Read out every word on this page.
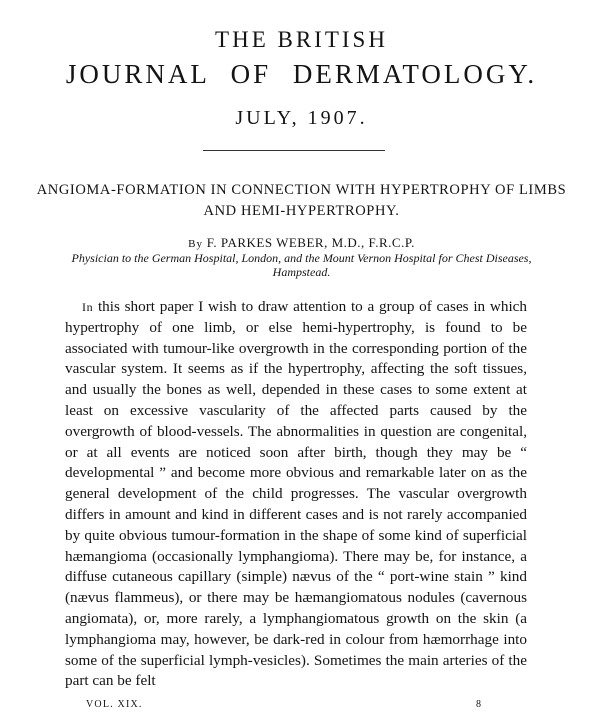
THE BRITISH
JOURNAL OF DERMATOLOGY.
JULY, 1907.
ANGIOMA-FORMATION IN CONNECTION WITH HYPERTROPHY OF LIMBS AND HEMI-HYPERTROPHY.
By F. PARKES WEBER, M.D., F.R.C.P.
Physician to the German Hospital, London, and the Mount Vernon Hospital for Chest Diseases, Hampstead.

In this short paper I wish to draw attention to a group of cases in which hypertrophy of one limb, or else hemi-hypertrophy, is found to be associated with tumour-like overgrowth in the corresponding portion of the vascular system. It seems as if the hypertrophy, affecting the soft tissues, and usually the bones as well, depended in these cases to some extent at least on excessive vascularity of the affected parts caused by the overgrowth of blood-vessels. The abnormalities in question are congenital, or at all events are noticed soon after birth, though they may be “ developmental ” and become more obvious and remarkable later on as the general development of the child progresses. The vascular overgrowth differs in amount and kind in different cases and is not rarely accompanied by quite obvious tumour-formation in the shape of some kind of superficial hæmangioma (occasionally lymphangioma). There may be, for instance, a diffuse cutaneous capillary (simple) nævus of the “ port-wine stain ” kind (nævus flammeus), or there may be hæmangiomatous nodules (cavernous angiomata), or, more rarely, a lymphangiomatous growth on the skin (a lymphangioma may, however, be dark-red in colour from hæmorrhage into some of the superficial lymph-vesicles). Sometimes the main arteries of the part can be felt

VOL. XIX.	8
